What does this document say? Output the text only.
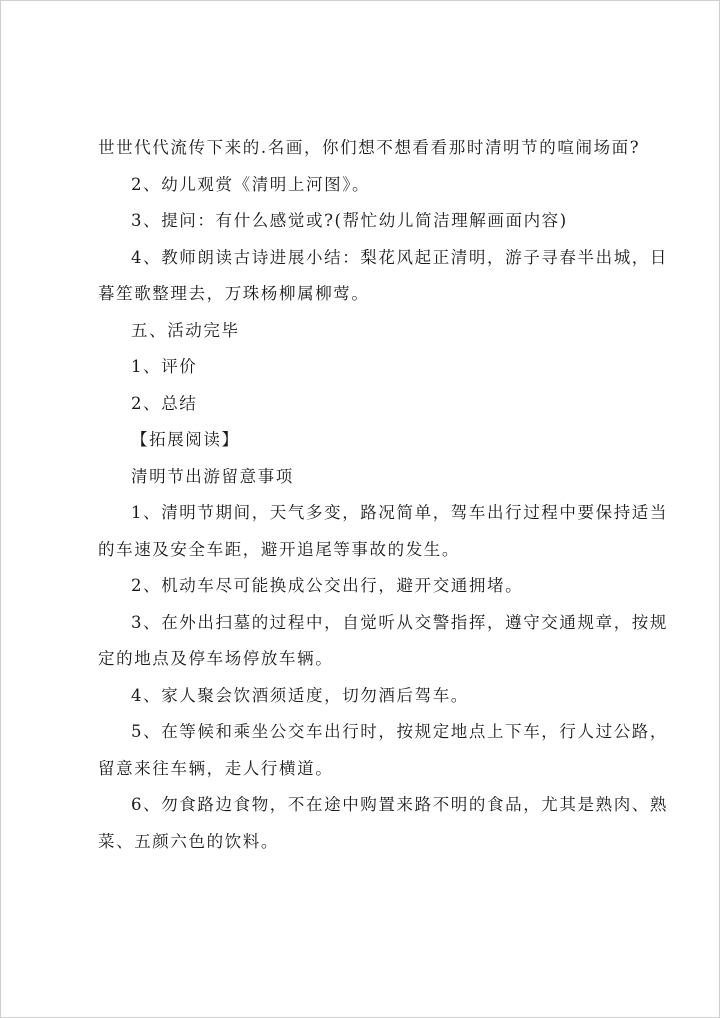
世世代代流传下来的.名画，你们想不想看看那时清明节的喧闹场面?
2、幼儿观赏《清明上河图》。
3、提问：有什么感觉或?(帮忙幼儿简洁理解画面内容)
4、教师朗读古诗进展小结：梨花风起正清明，游子寻春半出城，日
暮笙歌整理去，万珠杨柳属柳莺。
五、活动完毕
1、评价
2、总结
【拓展阅读】
清明节出游留意事项
1、清明节期间，天气多变，路况简单，驾车出行过程中要保持适当
的车速及安全车距，避开追尾等事故的发生。
2、机动车尽可能换成公交出行，避开交通拥堵。
3、在外出扫墓的过程中，自觉听从交警指挥，遵守交通规章，按规
定的地点及停车场停放车辆。
4、家人聚会饮酒须适度，切勿酒后驾车。
5、在等候和乘坐公交车出行时，按规定地点上下车，行人过公路，
留意来往车辆，走人行横道。
6、勿食路边食物，不在途中购置来路不明的食品，尤其是熟肉、熟
菜、五颜六色的饮料。
